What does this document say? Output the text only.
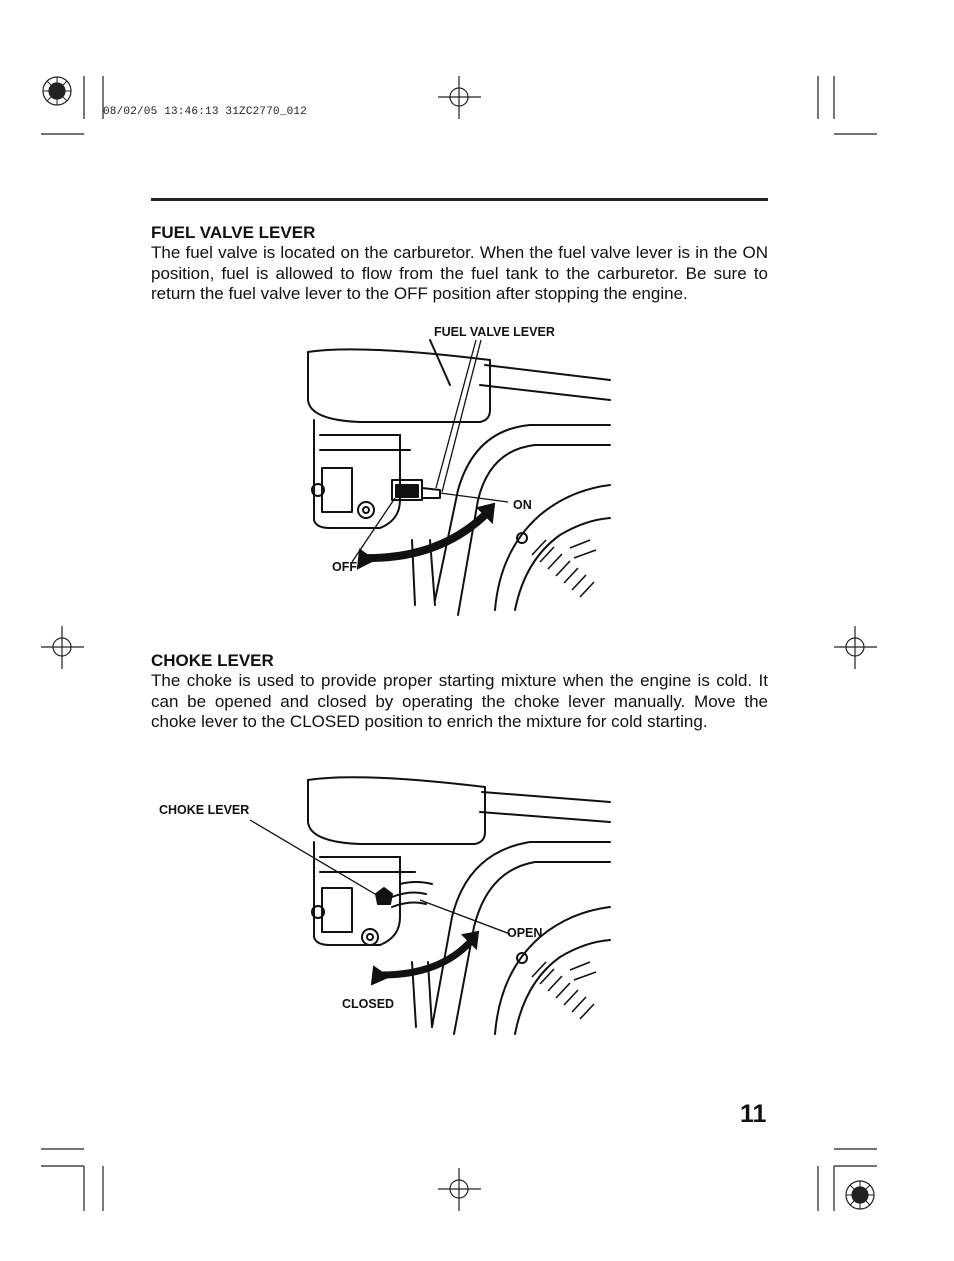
08/02/05 13:46:13 31ZC2770_012
FUEL VALVE LEVER
The fuel valve is located on the carburetor. When the fuel valve lever is in the ON position, fuel is allowed to flow from the fuel tank to the carburetor. Be sure to return the fuel valve lever to the OFF position after stopping the engine.
FUEL VALVE LEVER
ON
OFF
CHOKE LEVER
The choke is used to provide proper starting mixture when the engine is cold. It can be opened and closed by operating the choke lever manually. Move the choke lever to the CLOSED position to enrich the mixture for cold starting.
CHOKE LEVER
OPEN
CLOSED
11
